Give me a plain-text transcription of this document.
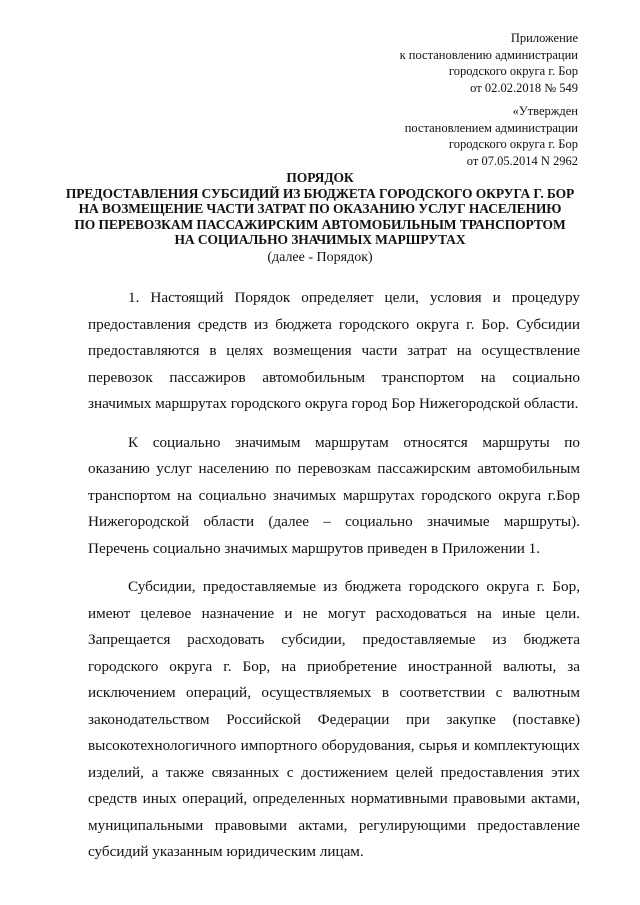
Приложение
к постановлению администрации
городского округа г. Бор
от 02.02.2018 № 549
«Утвержден
постановлением администрации
городского округа г. Бор
от 07.05.2014 N 2962
ПОРЯДОК
ПРЕДОСТАВЛЕНИЯ СУБСИДИЙ ИЗ БЮДЖЕТА ГОРОДСКОГО ОКРУГА Г. БОР
НА ВОЗМЕЩЕНИЕ ЧАСТИ ЗАТРАТ ПО ОКАЗАНИЮ УСЛУГ НАСЕЛЕНИЮ
ПО ПЕРЕВОЗКАМ ПАССАЖИРСКИМ АВТОМОБИЛЬНЫМ ТРАНСПОРТОМ
НА СОЦИАЛЬНО ЗНАЧИМЫХ МАРШРУТАХ
(далее - Порядок)

1. Настоящий Порядок определяет цели, условия и процедуру предоставления средств из бюджета городского округа г. Бор. Субсидии предоставляются в целях возмещения части затрат на осуществление перевозок пассажиров автомобильным транспортом на социально значимых маршрутах городского округа город Бор Нижегородской области.

К социально значимым маршрутам относятся маршруты по оказанию услуг населению по перевозкам пассажирским автомобильным транспортом на социально значимых маршрутах городского округа г.Бор Нижегородской области (далее – социально значимые маршруты). Перечень социально значимых маршрутов приведен в Приложении 1.

Субсидии, предоставляемые из бюджета городского округа г. Бор, имеют целевое назначение и не могут расходоваться на иные цели. Запрещается расходовать субсидии, предоставляемые из бюджета городского округа г. Бор, на приобретение иностранной валюты, за исключением операций, осуществляемых в соответствии с валютным законодательством Российской Федерации при закупке (поставке) высокотехнологичного импортного оборудования, сырья и комплектующих изделий, а также связанных с достижением целей предоставления этих средств иных операций, определенных нормативными правовыми актами, муниципальными правовыми актами, регулирующими предоставление субсидий указанным юридическим лицам.
